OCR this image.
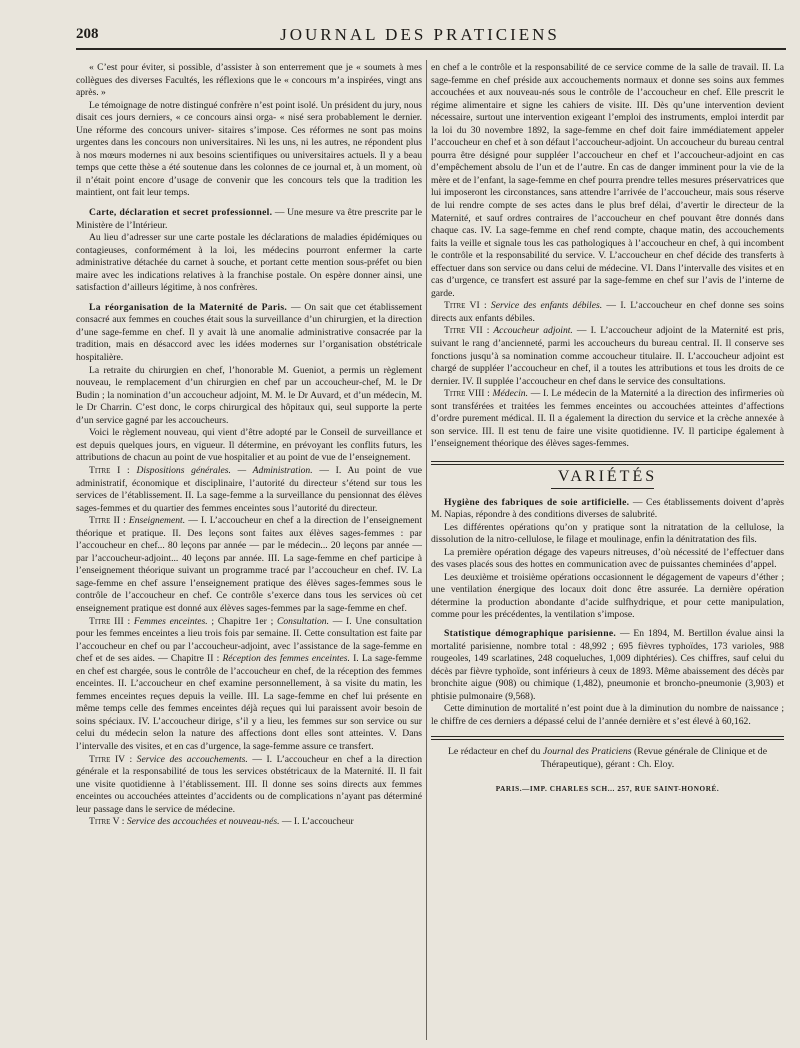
208	JOURNAL DES PRATICIENS

« C’est pour éviter, si possible, d’assister à son enterrement que je « soumets à mes collègues des diverses Facultés, les réflexions que le « concours m’a inspirées, vingt ans après. »

Le témoignage de notre distingué confrère n’est point isolé. Un président du jury, nous disait ces jours derniers, « ce concours ainsi orga- « nisé sera probablement le dernier. Une réforme des concours univer- sitaires s’impose. Ces réformes ne sont pas moins urgentes dans les concours non universitaires. Ni les uns, ni les autres, ne répondent plus à nos mœurs modernes ni aux besoins scientifiques ou universitaires actuels. Il y a beau temps que cette thèse a été soutenue dans les colonnes de ce journal et, à un moment, où il n’était point encore d’usage de convenir que les concours tels que la tradition les maintient, ont fait leur temps.

Carte, déclaration et secret professionnel. — Une mesure va être prescrite par le Ministère de l’Intérieur.

Au lieu d’adresser sur une carte postale les déclarations de maladies épidémiques ou contagieuses, conformément à la loi, les médecins pourront enfermer la carte administrative détachée du carnet à souche, et portant cette mention sous-préfet ou bien maire avec les indications relatives à la franchise postale. On espère donner ainsi, une satisfaction d’ailleurs légitime, à nos confrères.

La réorganisation de la Maternité de Paris. — On sait que cet établissement consacré aux femmes en couches était sous la surveillance d’un chirurgien, et la direction d’une sage-femme en chef. Il y avait là une anomalie administrative consacrée par la tradition, mais en désaccord avec les idées modernes sur l’organisation obstétricale hospitalière.

La retraite du chirurgien en chef, l’honorable M. Gueniot, a permis un règlement nouveau, le remplacement d’un chirurgien en chef par un accoucheur-chef, M. le Dr Budin ; la nomination d’un accoucheur adjoint, M. M. le Dr Auvard, et d’un médecin, M. le Dr Charrin. C’est donc, le corps chirurgical des hôpitaux qui, seul supporte la perte d’un service gagné par les accoucheurs.

Voici le règlement nouveau, qui vient d’être adopté par le Conseil de surveillance et est depuis quelques jours, en vigueur. Il détermine, en prévoyant les conflits futurs, les attributions de chacun au point de vue hospitalier et au point de vue de l’enseignement.

Titre I : Dispositions générales. — Administration. — I. Au point de vue administratif, économique et disciplinaire, l’autorité du directeur s’étend sur tous les services de l’établissement. II. La sage-femme a la surveillance du pensionnat des élèves sages-femmes et du quartier des femmes enceintes sous l’autorité du directeur.

Titre II : Enseignement. — I. L’accoucheur en chef a la direction de l’enseignement théorique et pratique. II. Des leçons sont faites aux élèves sages-femmes : par l’accoucheur en chef... 80 leçons par année — par le médecin... 20 leçons par année — par l’accoucheur-adjoint... 40 leçons par année. III. La sage-femme en chef participe à l’enseignement théorique suivant un programme tracé par l’accoucheur en chef. IV. La sage-femme en chef assure l’enseignement pratique des élèves sages-femmes sous le contrôle de l’accoucheur en chef. Ce contrôle s’exerce dans tous les services où cet enseignement pratique est donné aux élèves sages-femmes par la sage-femme en chef.

Titre III : Femmes enceintes. ; Chapitre 1er ; Consultation. — I. Une consultation pour les femmes enceintes a lieu trois fois par semaine. II. Cette consultation est faite par l’accoucheur en chef ou par l’accoucheur-adjoint, avec l’assistance de la sage-femme en chef et de ses aides. — Chapitre II : Réception des femmes enceintes. I. La sage-femme en chef est chargée, sous le contrôle de l’accoucheur en chef, de la réception des femmes enceintes. II. L’accoucheur en chef examine personnellement, à sa visite du matin, les femmes enceintes reçues depuis la veille. III. La sage-femme en chef lui présente en même temps celle des femmes enceintes déjà reçues qui lui paraissent avoir besoin de soins spéciaux. IV. L’accoucheur dirige, s’il y a lieu, les femmes sur son service ou sur celui du médecin selon la nature des affections dont elles sont atteintes. V. Dans l’intervalle des visites, et en cas d’urgence, la sage-femme assure ce transfert.

Titre IV : Service des accouchements. — I. L’accoucheur en chef a la direction générale et la responsabilité de tous les services obstétricaux de la Maternité. II. Il fait une visite quotidienne à l’établissement. III. Il donne ses soins directs aux femmes enceintes ou accouchées atteintes d’accidents ou de complications n’ayant pas déterminé leur passage dans le service de médecine.

Titre V : Service des accouchées et nouveau-nés. — I. L’accoucheur

en chef a le contrôle et la responsabilité de ce service comme de la salle de travail. II. La sage-femme en chef préside aux accouchements normaux et donne ses soins aux femmes accouchées et aux nouveau-nés sous le contrôle de l’accoucheur en chef. Elle prescrit le régime alimentaire et signe les cahiers de visite. III. Dès qu’une intervention devient nécessaire, surtout une intervention exigeant l’emploi des instruments, emploi interdit par la loi du 30 novembre 1892, la sage-femme en chef doit faire immédiatement appeler l’accoucheur en chef et à son défaut l’accoucheur-adjoint. Un accoucheur du bureau central pourra être désigné pour suppléer l’accoucheur en chef et l’accoucheur-adjoint en cas d’empêchement absolu de l’un et de l’autre. En cas de danger imminent pour la vie de la mère et de l’enfant, la sage-femme en chef pourra prendre telles mesures préservatrices que lui imposeront les circonstances, sans attendre l’arrivée de l’accoucheur, mais sous réserve de lui rendre compte de ses actes dans le plus bref délai, d’avertir le directeur de la Maternité, et sauf ordres contraires de l’accoucheur en chef pouvant être donnés dans chaque cas. IV. La sage-femme en chef rend compte, chaque matin, des accouchements faits la veille et signale tous les cas pathologiques à l’accoucheur en chef, à qui incombent le contrôle et la responsabilité du service. V. L’accoucheur en chef décide des transferts à effectuer dans son service ou dans celui de médecine. VI. Dans l’intervalle des visites et en cas d’urgence, ce transfert est assuré par la sage-femme en chef sur l’avis de l’interne de garde.

Titre VI : Service des enfants débiles. — I. L’accoucheur en chef donne ses soins directs aux enfants débiles.

Titre VII : Accoucheur adjoint. — I. L’accoucheur adjoint de la Maternité est pris, suivant le rang d’ancienneté, parmi les accoucheurs du bureau central. II. Il conserve ses fonctions jusqu’à sa nomination comme accoucheur titulaire. II. L’accoucheur adjoint est chargé de suppléer l’accoucheur en chef, il a toutes les attributions et tous les droits de ce dernier. IV. Il supplée l’accoucheur en chef dans le service des consultations.

Titre VIII : Médecin. — I. Le médecin de la Maternité a la direction des infirmeries où sont transférées et traitées les femmes enceintes ou accouchées atteintes d’affections d’ordre purement médical. II. Il a également la direction du service et la crèche annexée à son service. III. Il est tenu de faire une visite quotidienne. IV. Il participe également à l’enseignement théorique des élèves sages-femmes.

VARIÉTÉS

Hygiène des fabriques de soie artificielle. — Ces établissements doivent d’après M. Napias, répondre à des conditions diverses de salubrité.

Les différentes opérations qu’on y pratique sont la nitratation de la cellulose, la dissolution de la nitro-cellulose, le filage et moulinage, enfin la dénitratation des fils.

La première opération dégage des vapeurs nitreuses, d’où nécessité de l’effectuer dans des vases placés sous des hottes en communication avec de puissantes cheminées d’appel.

Les deuxième et troisième opérations occasionnent le dégagement de vapeurs d’éther ; une ventilation énergique des locaux doit donc être assurée. La dernière opération détermine la production abondante d’acide sulfhydrique, et pour cette manipulation, comme pour les précédentes, la ventilation s’impose.

Statistique démographique parisienne. — En 1894, M. Bertillon évalue ainsi la mortalité parisienne, nombre total : 48,992 ; 695 fièvres typhoïdes, 173 varioles, 988 rougeoles, 149 scarlatines, 248 coqueluches, 1,009 diphtéries). Ces chiffres, sauf celui du décès par fièvre typhoïde, sont inférieurs à ceux de 1893. Même abaissement des décès par bronchite aigue (908) ou chimique (1,482), pneumonie et broncho-pneumonie (3,903) et phtisie pulmonaire (9,568).

Cette diminution de mortalité n’est point due à la diminution du nombre de naissance ; le chiffre de ces derniers a dépassé celui de l’année dernière et s’est élevé à 60,162.

Le rédacteur en chef du Journal des Praticiens (Revue générale de Clinique et de Thérapeutique), gérant : Ch. Eloy.
PARIS.—IMP. CHARLES SCH... 257, RUE SAINT-HONORÉ.
